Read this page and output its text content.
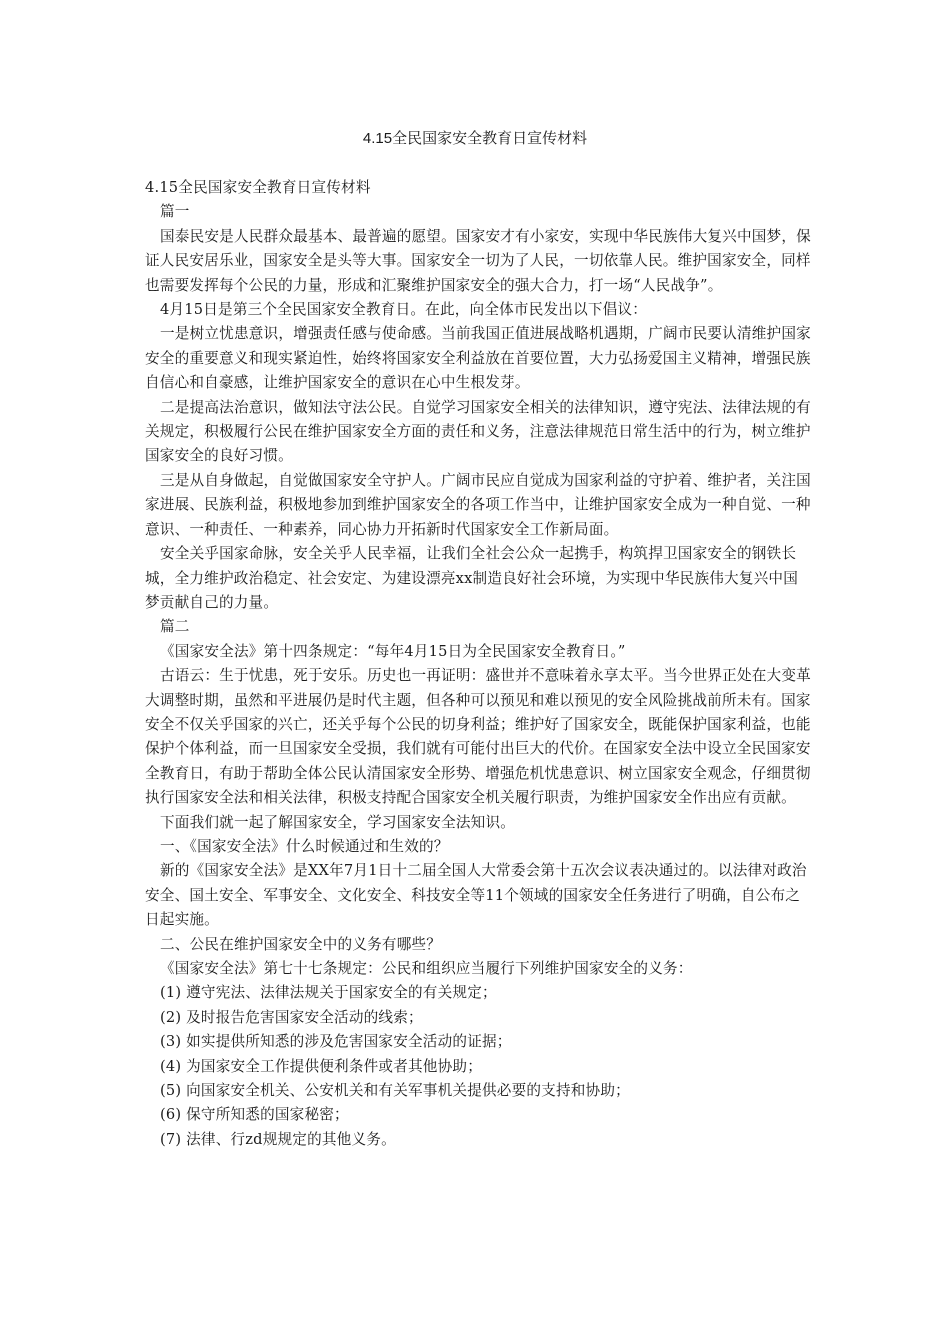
4.15全民国家安全教育日宣传材料

4.15全民国家安全教育日宣传材料

篇一

国泰民安是人民群众最基本、最普遍的愿望。国家安才有小家安，实现中华民族伟大复兴中国梦，保证人民安居乐业，国家安全是头等大事。国家安全一切为了人民，一切依靠人民。维护国家安全，同样也需要发挥每个公民的力量，形成和汇聚维护国家安全的强大合力，打一场“人民战争”。

4月15日是第三个全民国家安全教育日。在此，向全体市民发出以下倡议：

一是树立忧患意识，增强责任感与使命感。当前我国正值进展战略机遇期，广阔市民要认清维护国家安全的重要意义和现实紧迫性，始终将国家安全利益放在首要位置，大力弘扬爱国主义精神，增强民族自信心和自豪感，让维护国家安全的意识在心中生根发芽。

二是提高法治意识，做知法守法公民。自觉学习国家安全相关的法律知识，遵守宪法、法律法规的有关规定，积极履行公民在维护国家安全方面的责任和义务，注意法律规范日常生活中的行为，树立维护国家安全的良好习惯。

三是从自身做起，自觉做国家安全守护人。广阔市民应自觉成为国家利益的守护着、维护者，关注国家进展、民族利益，积极地参加到维护国家安全的各项工作当中，让维护国家安全成为一种自觉、一种意识、一种责任、一种素养，同心协力开拓新时代国家安全工作新局面。

安全关乎国家命脉，安全关乎人民幸福，让我们全社会公众一起携手，构筑捍卫国家安全的钢铁长城，全力维护政治稳定、社会安定、为建设漂亮xx制造良好社会环境，为实现中华民族伟大复兴中国梦贡献自己的力量。

篇二

《国家安全法》第十四条规定：“每年4月15日为全民国家安全教育日。”

古语云：生于忧患，死于安乐。历史也一再证明：盛世并不意味着永享太平。当今世界正处在大变革大调整时期，虽然和平进展仍是时代主题，但各种可以预见和难以预见的安全风险挑战前所未有。国家安全不仅关乎国家的兴亡，还关乎每个公民的切身利益；维护好了国家安全，既能保护国家利益，也能保护个体利益，而一旦国家安全受损，我们就有可能付出巨大的代价。在国家安全法中设立全民国家安全教育日，有助于帮助全体公民认清国家安全形势、增强危机忧患意识、树立国家安全观念，仔细贯彻执行国家安全法和相关法律，积极支持配合国家安全机关履行职责，为维护国家安全作出应有贡献。

下面我们就一起了解国家安全，学习国家安全法知识。

一、《国家安全法》什么时候通过和生效的？

新的《国家安全法》是XX年7月1日十二届全国人大常委会第十五次会议表决通过的。以法律对政治安全、国土安全、军事安全、文化安全、科技安全等11个领域的国家安全任务进行了明确，自公布之日起实施。

二、公民在维护国家安全中的义务有哪些？

《国家安全法》第七十七条规定：公民和组织应当履行下列维护国家安全的义务：

(1) 遵守宪法、法律法规关于国家安全的有关规定；

(2) 及时报告危害国家安全活动的线索；

(3) 如实提供所知悉的涉及危害国家安全活动的证据；

(4) 为国家安全工作提供便利条件或者其他协助；

(5) 向国家安全机关、公安机关和有关军事机关提供必要的支持和协助；

(6) 保守所知悉的国家秘密；

(7) 法律、行zd规规定的其他义务。
